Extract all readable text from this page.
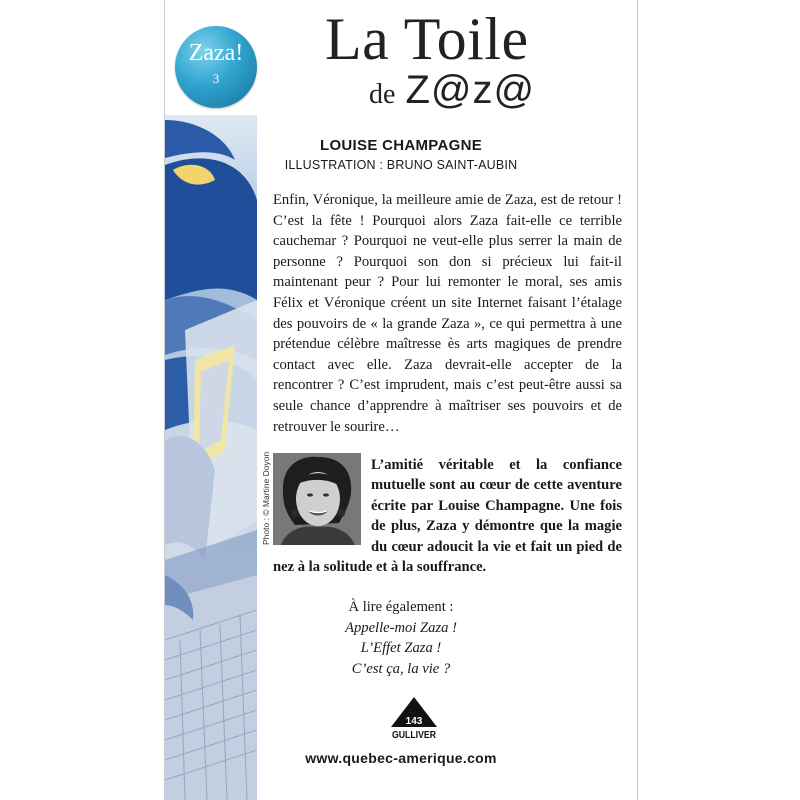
Zaza!
3
La Toile
de Z@z@
LOUISE CHAMPAGNE
ILLUSTRATION : BRUNO SAINT-AUBIN

Enfin, Véronique, la meilleure amie de Zaza, est de retour ! C’est la fête ! Pourquoi alors Zaza fait-elle ce terrible cauchemar ? Pourquoi ne veut-elle plus serrer la main de personne ? Pourquoi son don si précieux lui fait-il maintenant peur ? Pour lui remonter le moral, ses amis Félix et Véronique créent un site Internet faisant l’étalage des pouvoirs de « la grande Zaza », ce qui permettra à une prétendue célèbre maîtresse ès arts magiques de prendre contact avec elle. Zaza devrait-elle accepter de la rencontrer ? C’est imprudent, mais c’est peut-être aussi sa seule chance d’apprendre à maîtriser ses pouvoirs et de retrouver le sourire…

Photo : © Martine Doyon	L’amitié véritable et la confiance mutuelle sont au cœur de cette aventure écrite par Louise Champagne. Une fois de plus, Zaza y démontre que la magie du cœur adoucit la vie et fait un pied de nez à la solitude et à la souffrance.

À lire également :
Appelle-moi Zaza !
L’Effet Zaza !
C’est ça, la vie ?
143
GULLIVER
www.quebec-amerique.com
